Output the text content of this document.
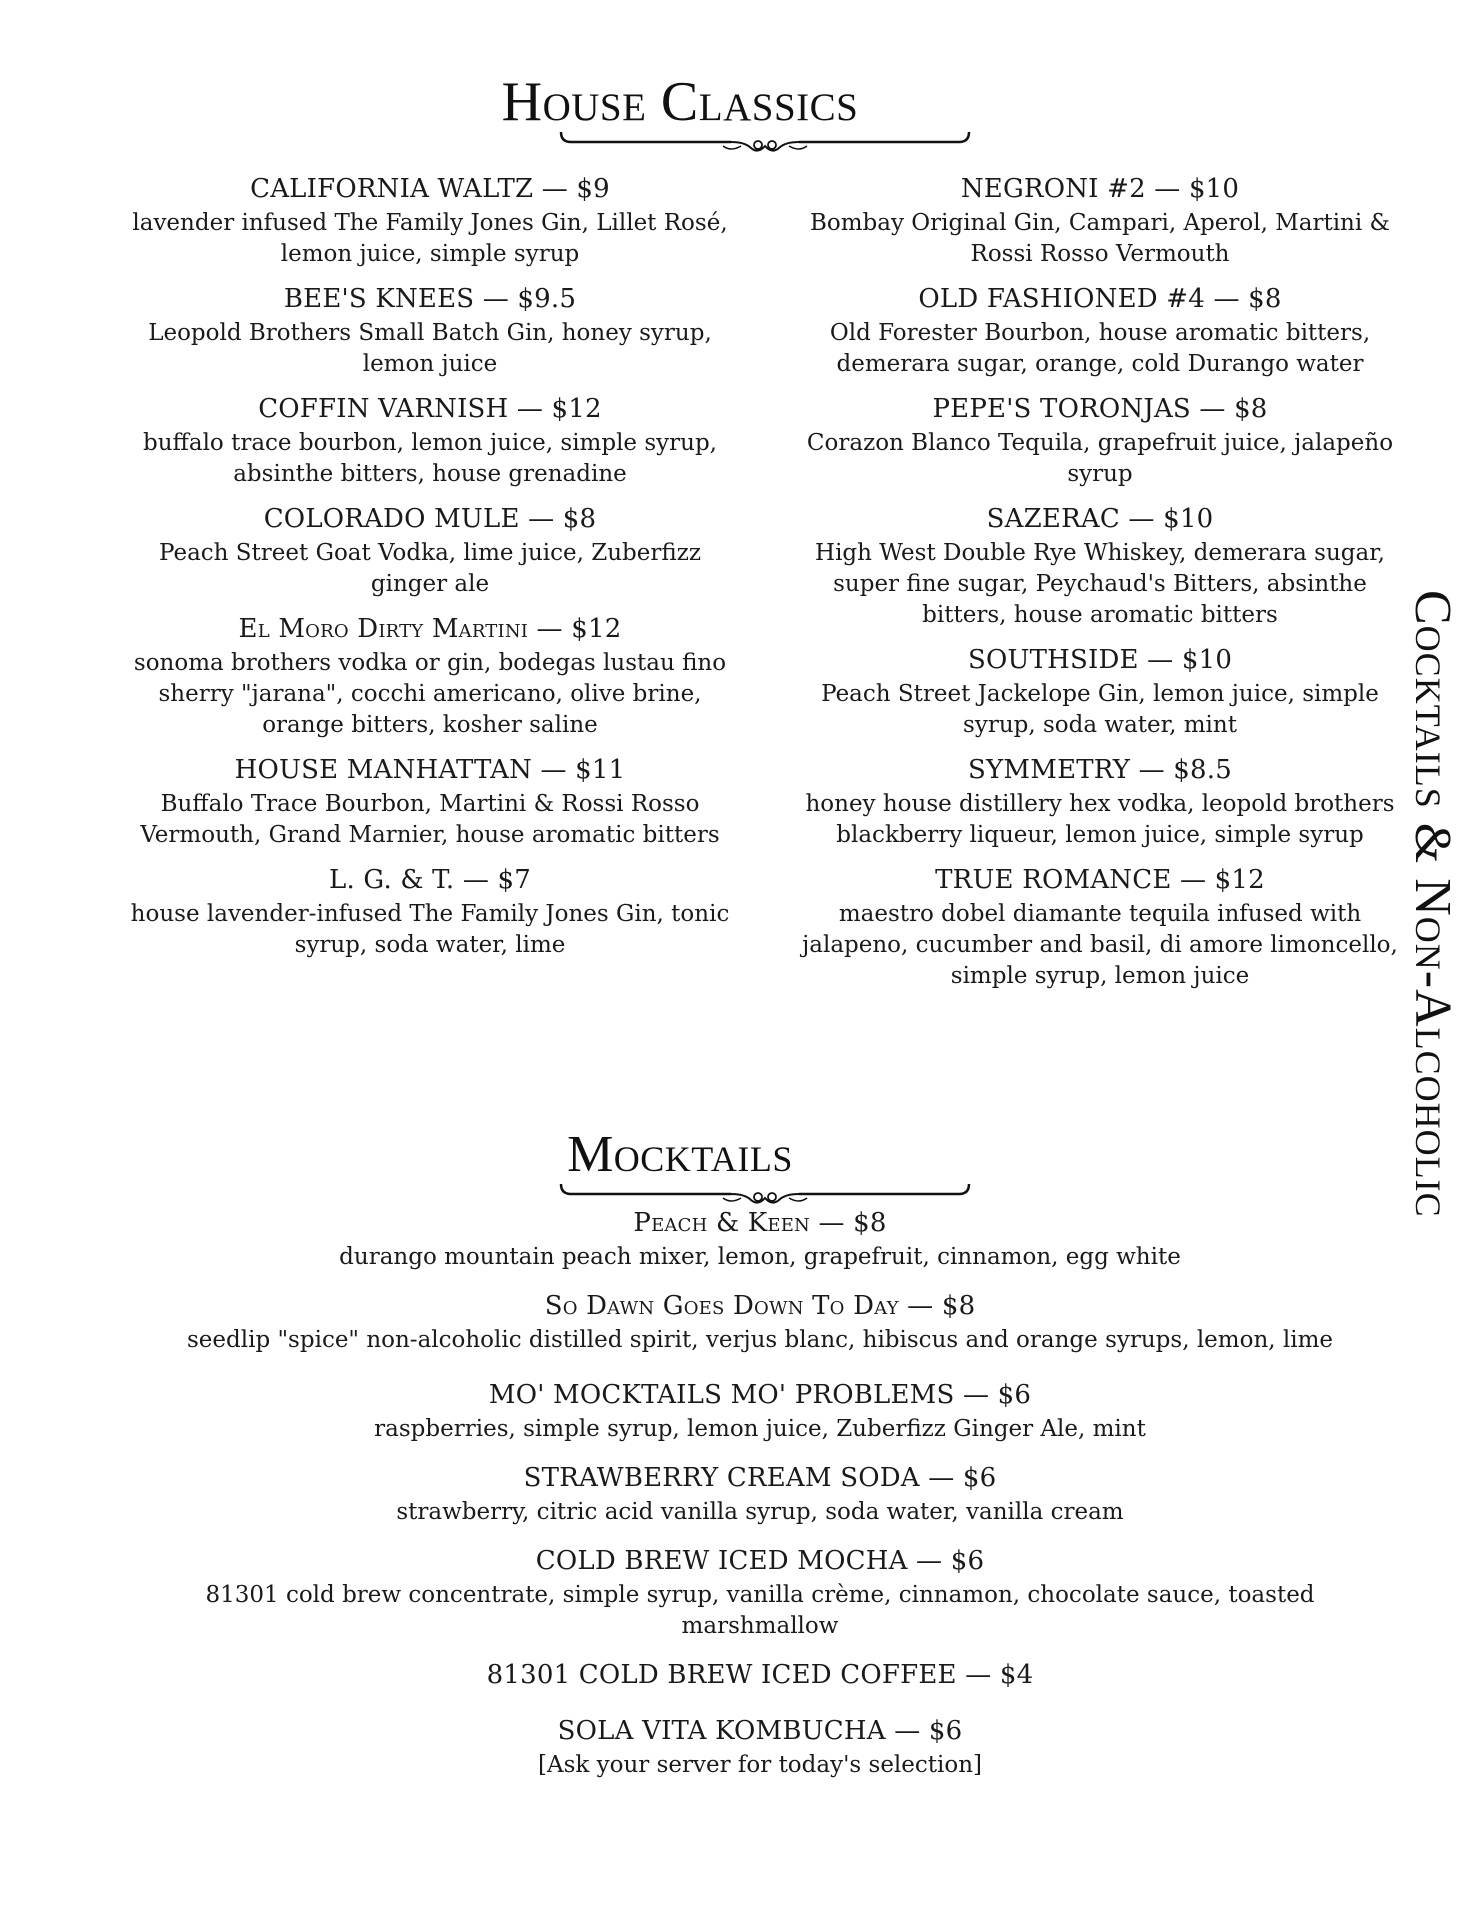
House Classics
CALIFORNIA WALTZ — $9
lavender infused The Family Jones Gin, Lillet Rosé, lemon juice, simple syrup
BEE'S KNEES — $9.5
Leopold Brothers Small Batch Gin, honey syrup, lemon juice
COFFIN VARNISH — $12
buffalo trace bourbon, lemon juice, simple syrup, absinthe bitters, house grenadine
COLORADO MULE — $8
Peach Street Goat Vodka, lime juice, Zuberfizz ginger ale
El Moro Dirty Martini — $12
sonoma brothers vodka or gin, bodegas lustau fino sherry "jarana", cocchi americano, olive brine, orange bitters, kosher saline
HOUSE MANHATTAN — $11
Buffalo Trace Bourbon, Martini & Rossi Rosso Vermouth, Grand Marnier, house aromatic bitters
L. G. & T. — $7
house lavender-infused The Family Jones Gin, tonic syrup, soda water, lime
NEGRONI #2 — $10
Bombay Original Gin, Campari, Aperol, Martini & Rossi Rosso Vermouth
OLD FASHIONED #4 — $8
Old Forester Bourbon, house aromatic bitters, demerara sugar, orange, cold Durango water
PEPE'S TORONJAS — $8
Corazon Blanco Tequila, grapefruit juice, jalapeño syrup
SAZERAC — $10
High West Double Rye Whiskey, demerara sugar, super fine sugar, Peychaud's Bitters, absinthe bitters, house aromatic bitters
SOUTHSIDE — $10
Peach Street Jackelope Gin, lemon juice, simple syrup, soda water, mint
SYMMETRY — $8.5
honey house distillery hex vodka, leopold brothers blackberry liqueur, lemon juice, simple syrup
TRUE ROMANCE — $12
maestro dobel diamante tequila infused with jalapeno, cucumber and basil, di amore limoncello, simple syrup, lemon juice
Mocktails
Peach & Keen — $8
durango mountain peach mixer, lemon, grapefruit, cinnamon, egg white
So Dawn Goes Down To Day — $8
seedlip "spice" non-alcoholic distilled spirit, verjus blanc, hibiscus and orange syrups, lemon, lime
MO' MOCKTAILS MO' PROBLEMS — $6
raspberries, simple syrup, lemon juice, Zuberfizz Ginger Ale, mint
STRAWBERRY CREAM SODA — $6
strawberry, citric acid vanilla syrup, soda water, vanilla cream
COLD BREW ICED MOCHA — $6
81301 cold brew concentrate, simple syrup, vanilla crème, cinnamon, chocolate sauce, toasted marshmallow
81301 COLD BREW ICED COFFEE — $4
SOLA VITA KOMBUCHA — $6
[Ask your server for today's selection]
Cocktails & Non-Alcoholic
